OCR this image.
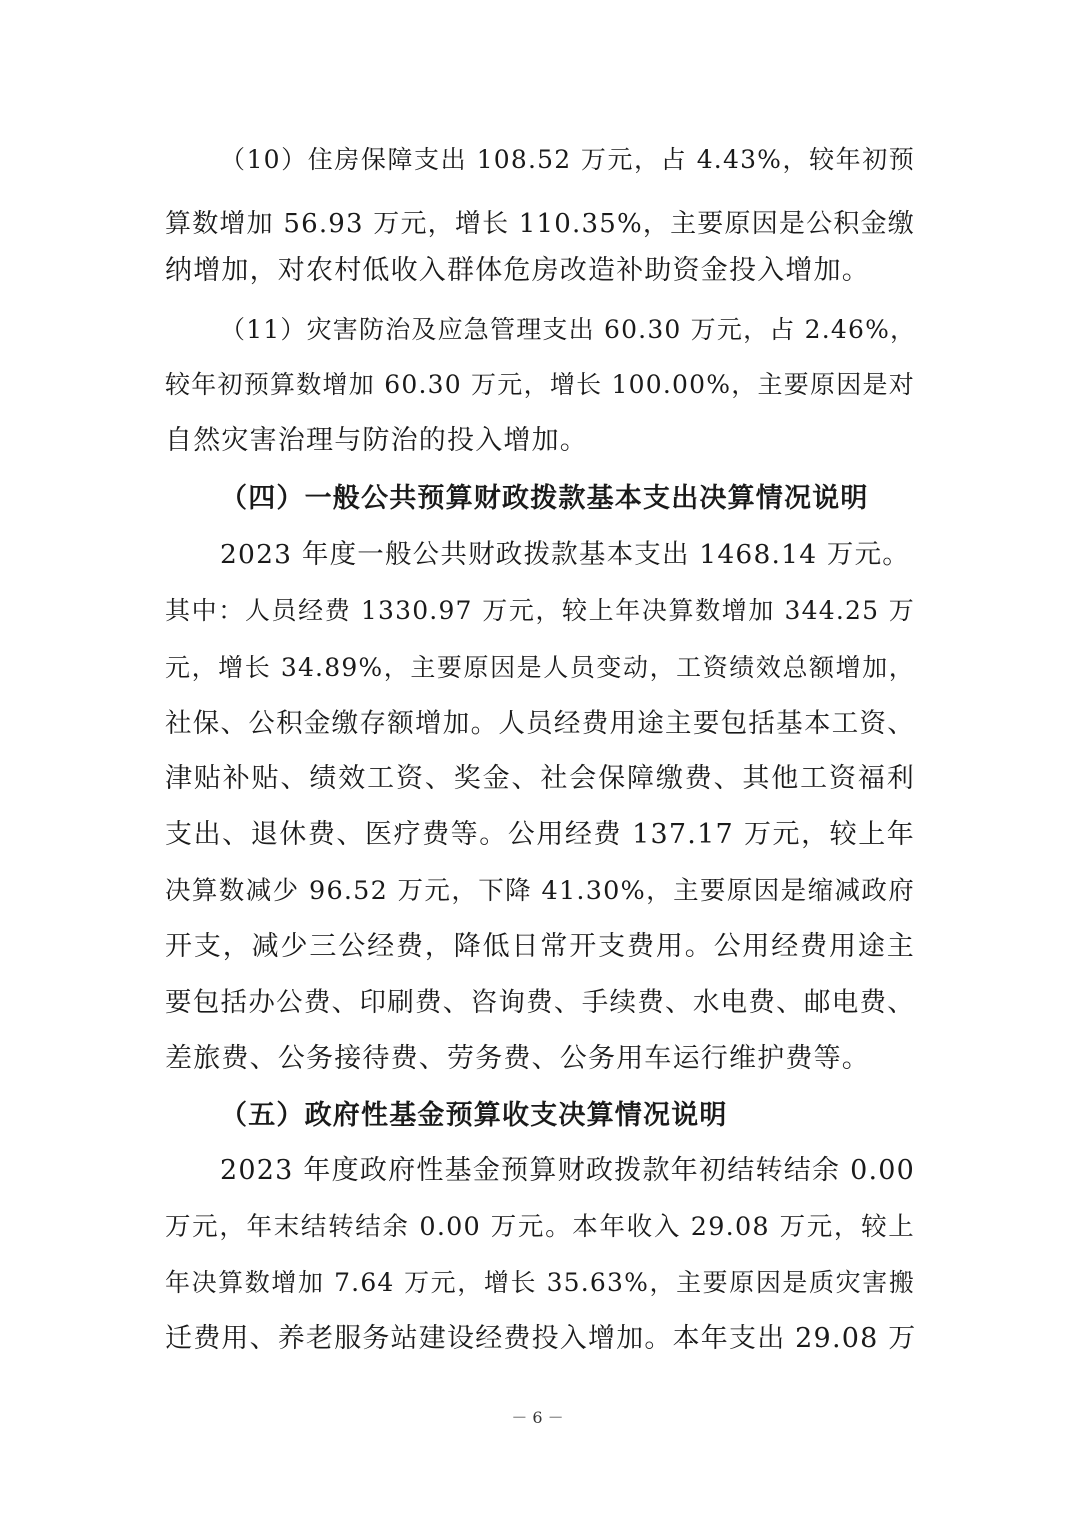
（10）住房保障支出 108.52 万元，占 4.43%，较年初预
算数增加 56.93 万元，增长 110.35%，主要原因是公积金缴
纳增加，对农村低收入群体危房改造补助资金投入增加。
（11）灾害防治及应急管理支出 60.30 万元，占 2.46%，
较年初预算数增加 60.30 万元，增长 100.00%，主要原因是对
自然灾害治理与防治的投入增加。
（四）一般公共预算财政拨款基本支出决算情况说明
2023 年度一般公共财政拨款基本支出 1468.14 万元。
其中：人员经费 1330.97 万元，较上年决算数增加 344.25 万
元，增长 34.89%，主要原因是人员变动，工资绩效总额增加，
社保、公积金缴存额增加。人员经费用途主要包括基本工资、
津贴补贴、绩效工资、奖金、社会保障缴费、其他工资福利
支出、退休费、医疗费等。公用经费 137.17 万元，较上年
决算数减少 96.52 万元，下降 41.30%，主要原因是缩减政府
开支，减少三公经费，降低日常开支费用。公用经费用途主
要包括办公费、印刷费、咨询费、手续费、水电费、邮电费、
差旅费、公务接待费、劳务费、公务用车运行维护费等。
（五）政府性基金预算收支决算情况说明
2023 年度政府性基金预算财政拨款年初结转结余 0.00
万元，年末结转结余 0.00 万元。本年收入 29.08 万元，较上
年决算数增加 7.64 万元，增长 35.63%，主要原因是质灾害搬
迁费用、养老服务站建设经费投入增加。本年支出 29.08 万
－ 6 －
